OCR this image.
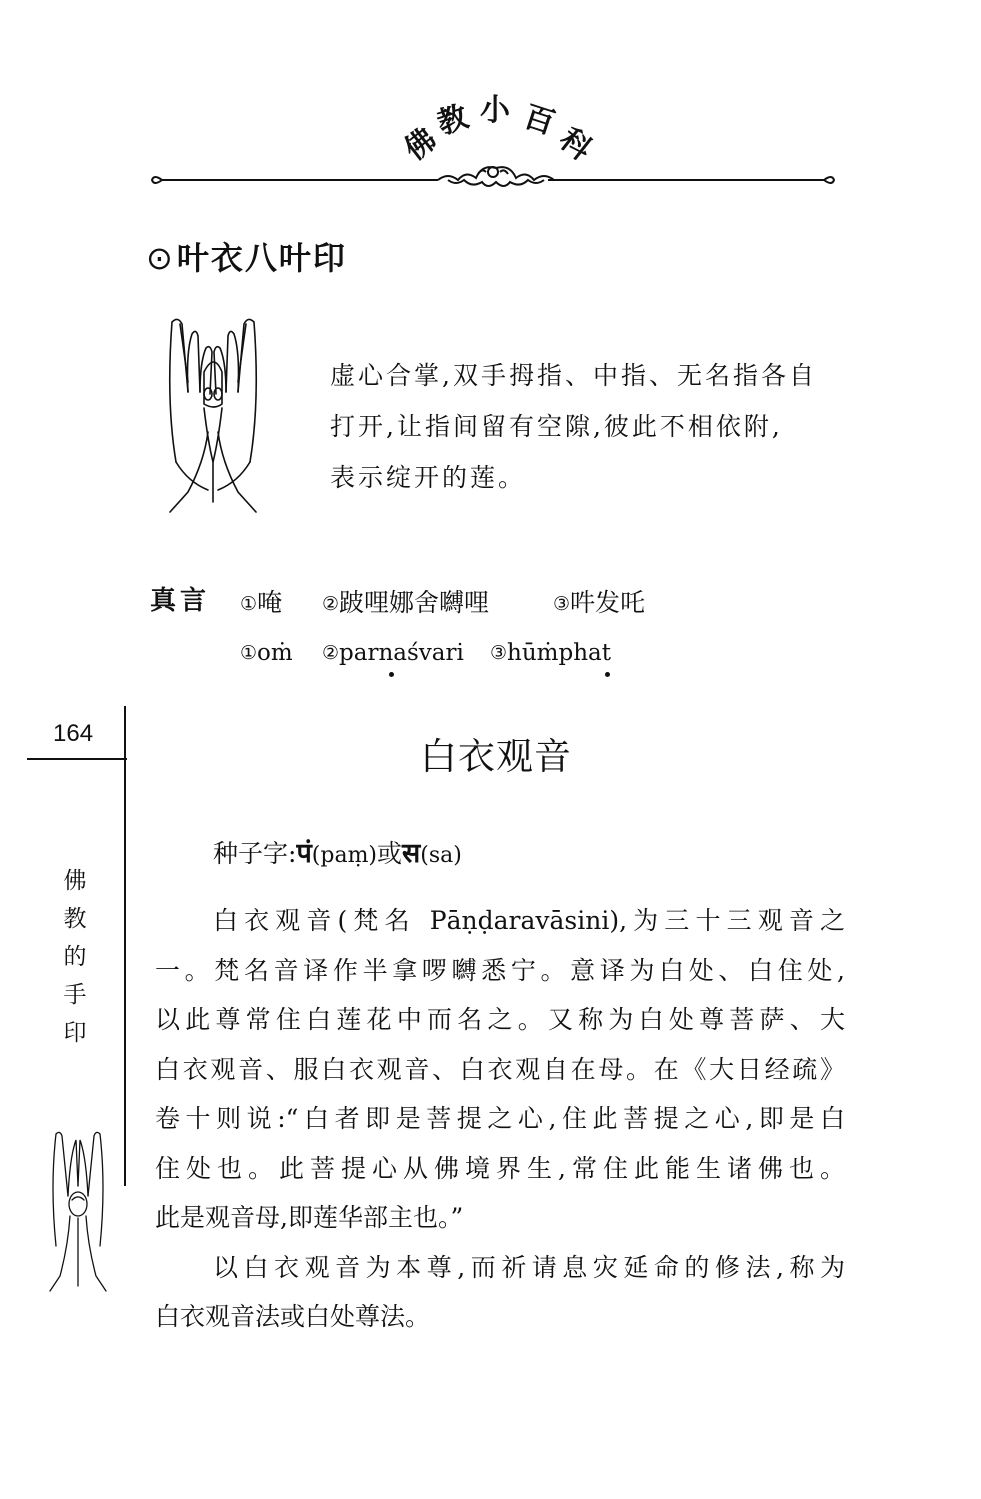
佛
教 小 百
科
⊙叶衣八叶印

虚心合掌,双手拇指、中指、无名指各自

打开,让指间留有空隙,彼此不相依附,

表示绽开的莲。

真言 ①唵 ②跛哩娜舍嚩哩	③吽发吒
①oṁ ②parnaśvari ③hūṁphat
164
佛
教
的
手
印
白衣观音
种子字:पं(paṃ)或स(sa)

白衣观音(梵名 Pāṇḍaravāsini),为三十三观音之

一。梵名音译作半拿啰嚩悉宁。意译为白处、白住处,

以此尊常住白莲花中而名之。又称为白处尊菩萨、大

白衣观音、服白衣观音、白衣观自在母。在《大日经疏》

卷十则说:“白者即是菩提之心,住此菩提之心,即是白

住处也。此菩提心从佛境界生,常住此能生诸佛也。

此是观音母,即莲华部主也。”

以白衣观音为本尊,而祈请息灾延命的修法,称为

白衣观音法或白处尊法。
